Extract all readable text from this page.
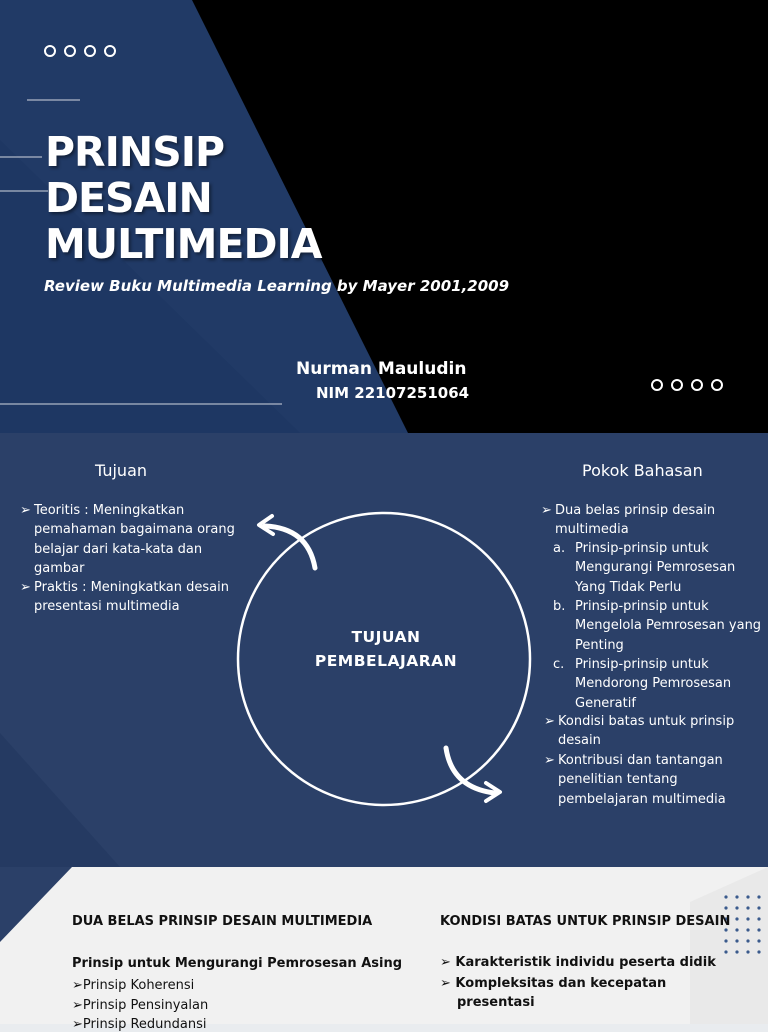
PRINSIP
DESAIN
MULTIMEDIA
Review Buku Multimedia Learning by Mayer 2001,2009
Nurman Mauludin
NIM 22107251064
Tujuan
➢ Teoritis : Meningkatkan
pemahaman bagaimana orang
belajar dari kata-kata dan
gambar
➢ Praktis : Meningkatkan desain
presentasi multimedia
TUJUAN
PEMBELAJARAN
Pokok Bahasan
➢ Dua belas prinsip desain
multimedia
a. Prinsip-prinsip untuk
Mengurangi Pemrosesan
Yang Tidak Perlu
b. Prinsip-prinsip untuk
Mengelola Pemrosesan yang
Penting
c. Prinsip-prinsip untuk
Mendorong Pemrosesan
Generatif
➢ Kondisi batas untuk prinsip
desain
➢ Kontribusi dan tantangan
penelitian tentang
pembelajaran multimedia
DUA BELAS PRINSIP DESAIN MULTIMEDIA
Prinsip untuk Mengurangi Pemrosesan Asing
➢Prinsip Koherensi
➢Prinsip Pensinyalan
➢Prinsip Redundansi
KONDISI BATAS UNTUK PRINSIP DESAIN
➢ Karakteristik individu peserta didik
➢ Kompleksitas dan kecepatan
presentasi
